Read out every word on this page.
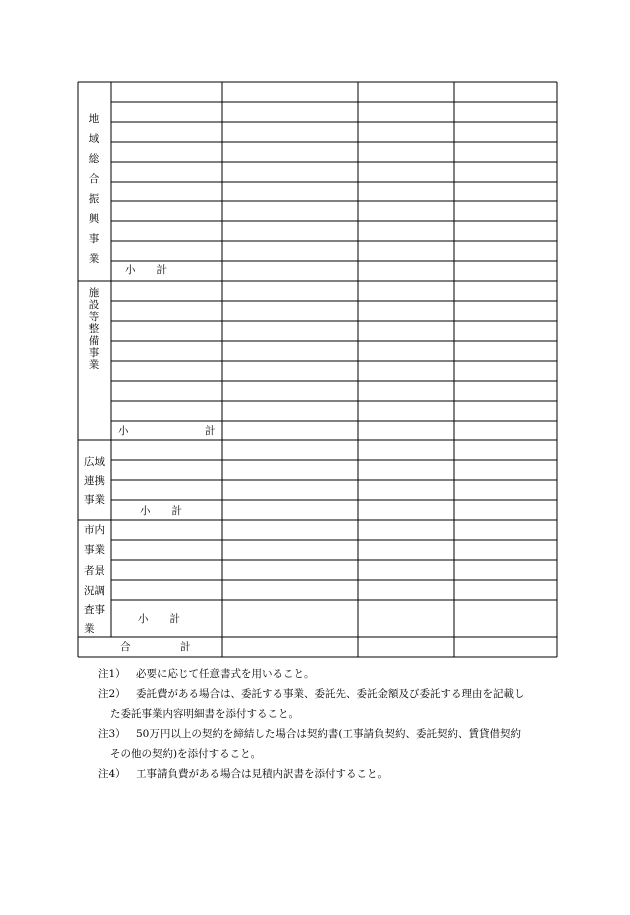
地
域
総
合
振
興
事
業
小　　計
施
設
等
整
備
事
業
小	計
広域
連携
事業
小　　計
市内
事業
者景
況調
査事
業
小　　計
合	計
注1） 必要に応じて任意書式を用いること。
注2） 委託費がある場合は、委託する事業、委託先、委託金額及び委託する理由を記載し
た委託事業内容明細書を添付すること。
注3） 50万円以上の契約を締結した場合は契約書(工事請負契約、委託契約、賃貸借契約
その他の契約)を添付すること。
注4） 工事請負費がある場合は見積内訳書を添付すること。
